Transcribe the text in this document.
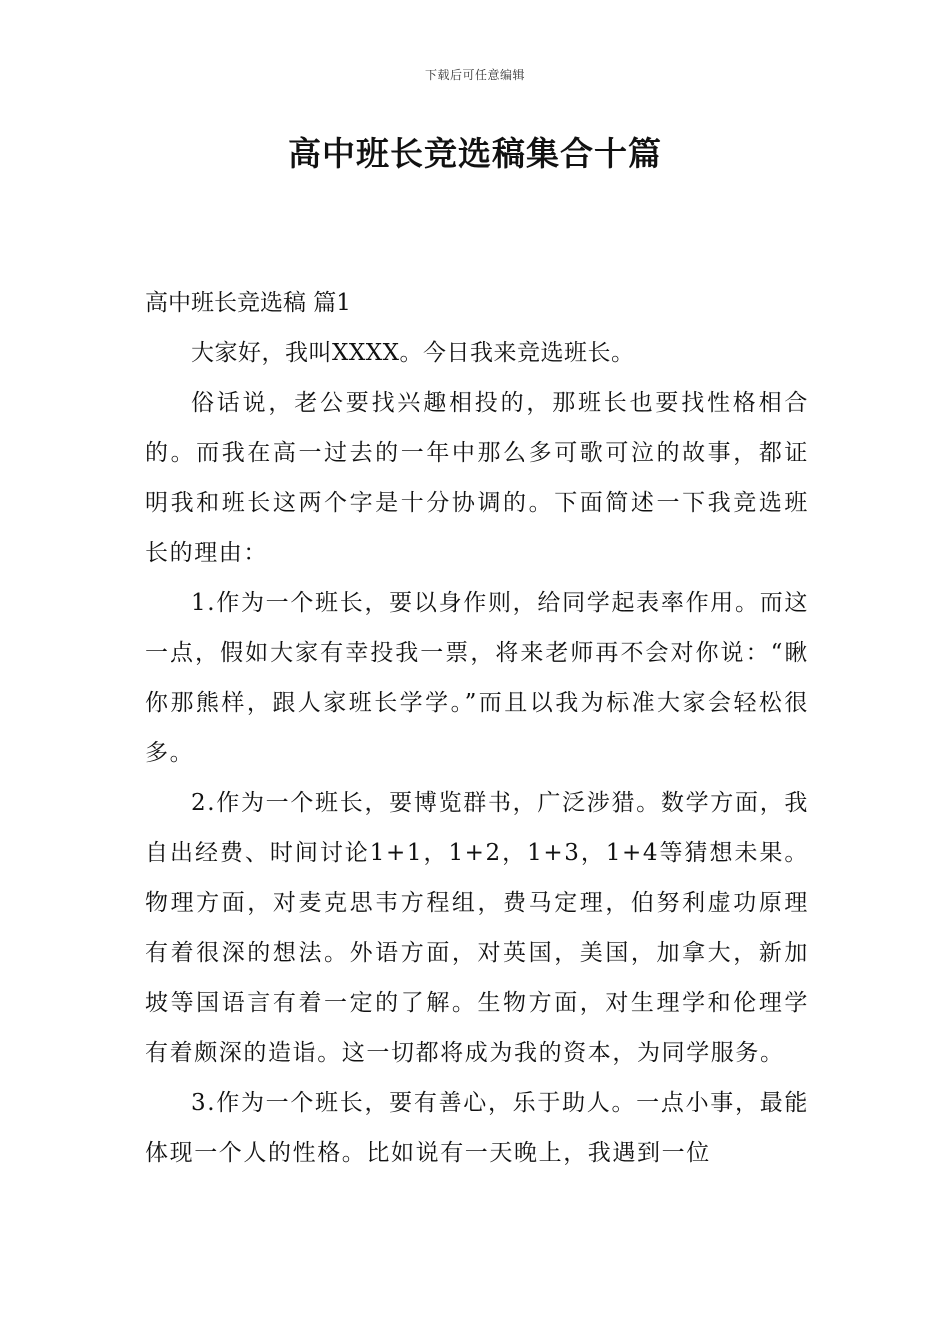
下载后可任意编辑
高中班长竞选稿集合十篇
高中班长竞选稿 篇1

大家好，我叫XXXX。今日我来竞选班长。

俗话说，老公要找兴趣相投的，那班长也要找性格相合的。而我在高一过去的一年中那么多可歌可泣的故事，都证明我和班长这两个字是十分协调的。下面简述一下我竞选班长的理由：

1.作为一个班长，要以身作则，给同学起表率作用。而这一点，假如大家有幸投我一票，将来老师再不会对你说：“瞅你那熊样，跟人家班长学学。”而且以我为标准大家会轻松很多。

2.作为一个班长，要博览群书，广泛涉猎。数学方面，我自出经费、时间讨论1+1，1+2，1+3，1+4等猜想未果。物理方面，对麦克思韦方程组，费马定理，伯努利虚功原理有着很深的想法。外语方面，对英国，美国，加拿大，新加坡等国语言有着一定的了解。生物方面，对生理学和伦理学有着颇深的造诣。这一切都将成为我的资本，为同学服务。

3.作为一个班长，要有善心，乐于助人。一点小事，最能体现一个人的性格。比如说有一天晚上，我遇到一位
